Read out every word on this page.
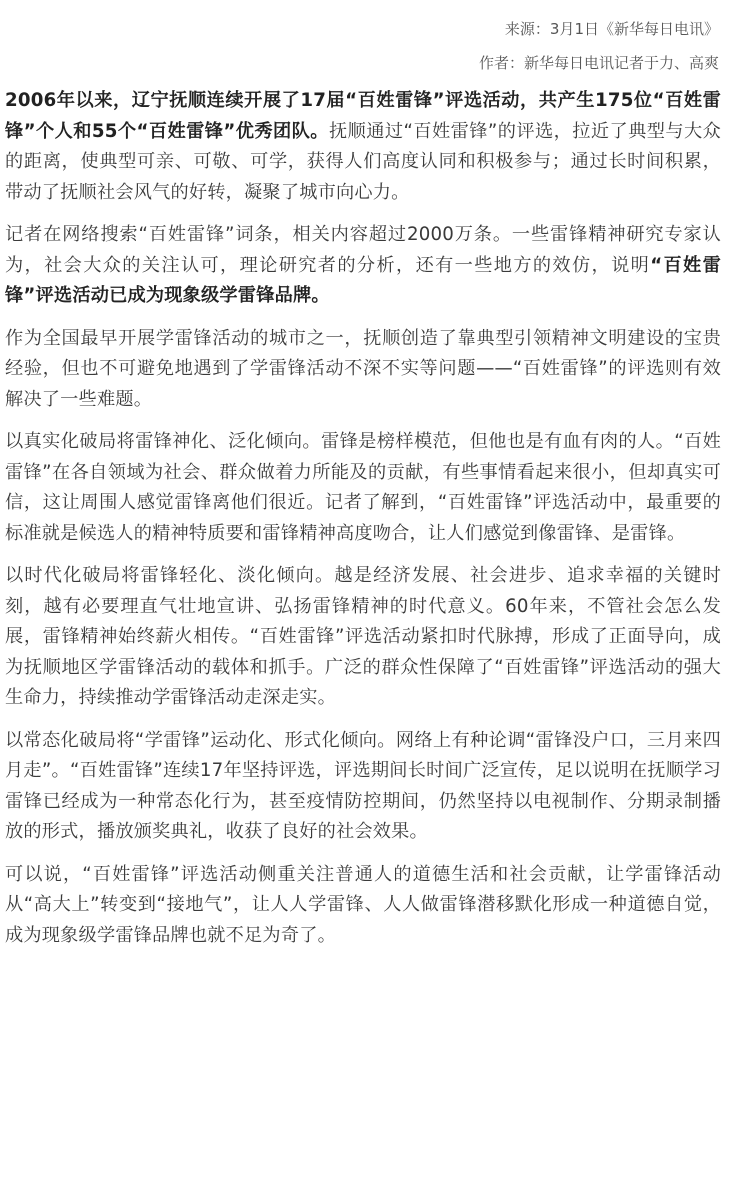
来源：3月1日《新华每日电讯》
作者：新华每日电讯记者于力、高爽

2006年以来，辽宁抚顺连续开展了17届“百姓雷锋”评选活动，共产生175位“百姓雷锋”个人和55个“百姓雷锋”优秀团队。抚顺通过“百姓雷锋”的评选，拉近了典型与大众的距离，使典型可亲、可敬、可学，获得人们高度认同和积极参与；通过长时间积累，带动了抚顺社会风气的好转，凝聚了城市向心力。

记者在网络搜索“百姓雷锋”词条，相关内容超过2000万条。一些雷锋精神研究专家认为，社会大众的关注认可，理论研究者的分析，还有一些地方的效仿，说明“百姓雷锋”评选活动已成为现象级学雷锋品牌。

作为全国最早开展学雷锋活动的城市之一，抚顺创造了靠典型引领精神文明建设的宝贵经验，但也不可避免地遇到了学雷锋活动不深不实等问题——“百姓雷锋”的评选则有效解决了一些难题。

以真实化破局将雷锋神化、泛化倾向。雷锋是榜样模范，但他也是有血有肉的人。“百姓雷锋”在各自领域为社会、群众做着力所能及的贡献，有些事情看起来很小，但却真实可信，这让周围人感觉雷锋离他们很近。记者了解到，“百姓雷锋”评选活动中，最重要的标准就是候选人的精神特质要和雷锋精神高度吻合，让人们感觉到像雷锋、是雷锋。

以时代化破局将雷锋轻化、淡化倾向。越是经济发展、社会进步、追求幸福的关键时刻，越有必要理直气壮地宣讲、弘扬雷锋精神的时代意义。60年来，不管社会怎么发展，雷锋精神始终薪火相传。“百姓雷锋”评选活动紧扣时代脉搏，形成了正面导向，成为抚顺地区学雷锋活动的载体和抓手。广泛的群众性保障了“百姓雷锋”评选活动的强大生命力，持续推动学雷锋活动走深走实。

以常态化破局将“学雷锋”运动化、形式化倾向。网络上有种论调“雷锋没户口，三月来四月走”。“百姓雷锋”连续17年坚持评选，评选期间长时间广泛宣传，足以说明在抚顺学习雷锋已经成为一种常态化行为，甚至疫情防控期间，仍然坚持以电视制作、分期录制播放的形式，播放颁奖典礼，收获了良好的社会效果。

可以说，“百姓雷锋”评选活动侧重关注普通人的道德生活和社会贡献，让学雷锋活动从“高大上”转变到“接地气”，让人人学雷锋、人人做雷锋潜移默化形成一种道德自觉，成为现象级学雷锋品牌也就不足为奇了。
